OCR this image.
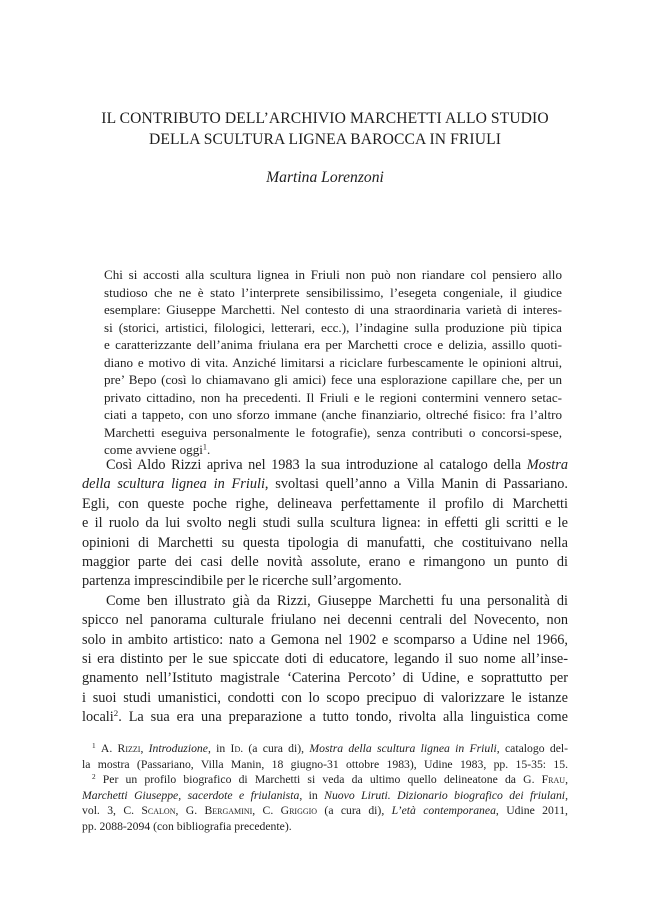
IL CONTRIBUTO DELL’ARCHIVIO MARCHETTI ALLO STUDIO
DELLA SCULTURA LIGNEA BAROCCA IN FRIULI
Martina Lorenzoni
Chi si accosti alla scultura lignea in Friuli non può non riandare col pensiero allo
studioso che ne è stato l’interprete sensibilissimo, l’esegeta congeniale, il giudice
esemplare: Giuseppe Marchetti. Nel contesto di una straordinaria varietà di interes-
si (storici, artistici, filologici, letterari, ecc.), l’indagine sulla produzione più tipica
e caratterizzante dell’anima friulana era per Marchetti croce e delizia, assillo quoti-
diano e motivo di vita. Anziché limitarsi a riciclare furbescamente le opinioni altrui,
pre’ Bepo (così lo chiamavano gli amici) fece una esplorazione capillare che, per un
privato cittadino, non ha precedenti. Il Friuli e le regioni contermini vennero setac-
ciati a tappeto, con uno sforzo immane (anche finanziario, oltreché fisico: fra l’altro
Marchetti eseguiva personalmente le fotografie), senza contributi o concorsi-spese,
come avviene oggi$^1$.
Così Aldo Rizzi apriva nel 1983 la sua introduzione al catalogo della Mostra
della scultura lignea in Friuli, svoltasi quell’anno a Villa Manin di Passariano.
Egli, con queste poche righe, delineava perfettamente il profilo di Marchetti
e il ruolo da lui svolto negli studi sulla scultura lignea: in effetti gli scritti e le
opinioni di Marchetti su questa tipologia di manufatti, che costituivano nella
maggior parte dei casi delle novità assolute, erano e rimangono un punto di
partenza imprescindibile per le ricerche sull’argomento.
Come ben illustrato già da Rizzi, Giuseppe Marchetti fu una personalità di
spicco nel panorama culturale friulano nei decenni centrali del Novecento, non
solo in ambito artistico: nato a Gemona nel 1902 e scomparso a Udine nel 1966,
si era distinto per le sue spiccate doti di educatore, legando il suo nome all’inse-
gnamento nell’Istituto magistrale ‘Caterina Percoto’ di Udine, e soprattutto per
i suoi studi umanistici, condotti con lo scopo precipuo di valorizzare le istanze
locali$^2$. La sua era una preparazione a tutto tondo, rivolta alla linguistica come
$^1$ A. Rizzi, Introduzione, in Id. (a cura di), Mostra della scultura lignea in Friuli, catalogo del-
la mostra (Passariano, Villa Manin, 18 giugno-31 ottobre 1983), Udine 1983, pp. 15-35: 15.
$^2$ Per un profilo biografico di Marchetti si veda da ultimo quello delineatone da G. Frau,
Marchetti Giuseppe, sacerdote e friulanista, in Nuovo Liruti. Dizionario biografico dei friulani,
vol. 3, C. Scalon, G. Bergamini, C. Griggio (a cura di), L’età contemporanea, Udine 2011,
pp. 2088-2094 (con bibliografia precedente).
